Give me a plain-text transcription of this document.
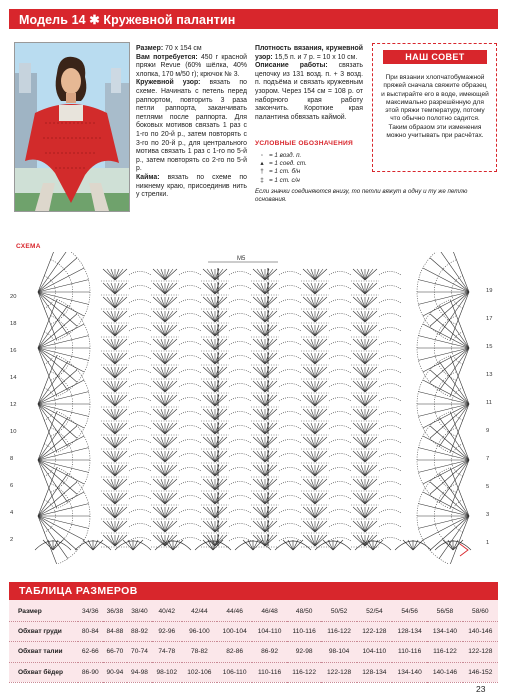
Модель 14 ✱ Кружевной палантин

Размер: 70 x 154 см

Вам потребуется: 450 г красной пряжи Revue (60% шёлка, 40% хлопка, 170 м/50 г); крючок № 3.

Кружевной узор: вязать по схеме. Начинать с петель перед раппортом, повторить 3 раза петли раппорта, заканчивать петлями после раппорта. Для боковых мотивов связать 1 раз с 1-го по 20-й р., затем повторять с 3-го по 20-й р., для центрального мотива связать 1 раз с 1-го по 5-й р., затем повторять со 2-го по 5-й р.

Кайма: вязать по схеме по нижнему краю, присоединив нить у стрелки.

Плотность вязания, кружевной узор: 15,5 п. и 7 р. = 10 х 10 см.

Описание работы: связать цепочку из 131 возд. п. + 3 возд. п. подъёма и связать кружевным узором. Через 154 см = 108 р. от наборного края работу закончить. Короткие края палантина обвязать каймой.

УСЛОВНЫЕ ОБОЗНАЧЕНИЯ
◦ = 1 возд. п.
▴ = 1 соед. ст.
† = 1 ст. б/н
‡ = 1 ст. с/н
Если значки соединяются внизу, то петли вяжут в одну и ту же петлю основания.
НАШ СОВЕТ
При вязании хлопчатобумажной пряжей сначала свяжите образец и выстирайте его в воде, имеющей максимально разрешённую для этой пряжи температуру, потому что обычно полотно садится. Таким образом эти изменения можно учитывать при расчётах.
СХЕМА
М5
20
18
16
14
12
10
8
6
4
2
19
17
15
13
11
9
7
5
3
1
ТАБЛИЦА РАЗМЕРОВ
Размер	34/36	36/38	38/40	40/42	42/44	44/46	46/48	48/50	50/52	52/54	54/56	56/58	58/60
Обхват груди	80-84	84-88	88-92	92-96	96-100	100-104	104-110	110-116	116-122	122-128	128-134	134-140	140-146
Обхват талии	62-66	66-70	70-74	74-78	78-82	82-86	86-92	92-98	98-104	104-110	110-116	116-122	122-128
Обхват бёдер	86-90	90-94	94-98	98-102	102-106	106-110	110-116	116-122	122-128	128-134	134-140	140-146	146-152
23
